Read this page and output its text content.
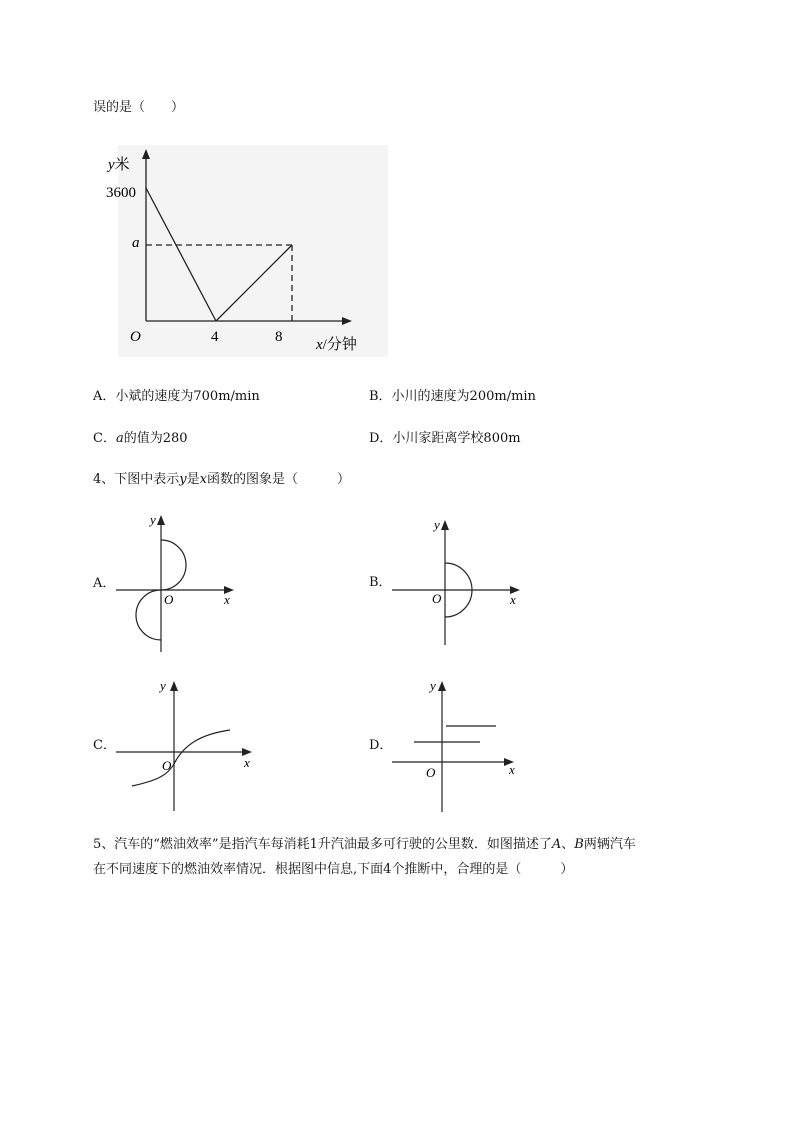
误的是（　　）
y米
3600
a
O	4	8 x/分钟
A．小斌的速度为700m/min	B．小川的速度为200m/min
C．a的值为280	D．小川家距离学校800m
4、下图中表示y是x函数的图象是（　　　）
A．	B．
C．	D．
y
O	x
y
O	x
y
O	x
y
O	x
5、汽车的“燃油效率”是指汽车每消耗1升汽油最多可行驶的公里数．如图描述了A、B两辆汽车
在不同速度下的燃油效率情况．根据图中信息,下面4个推断中，合理的是（　　　）
